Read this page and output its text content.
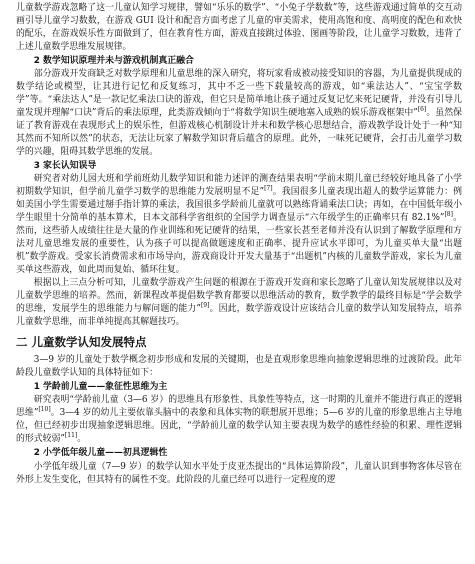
儿童数学游戏忽略了这一儿童认知学习规律，譬如“乐乐的数学”、“小兔子学数数”等，这些游戏通过简单的交互动画引导儿童学习数数，在游戏 GUI 设计和配音方面考虑了儿童的审美需求，使用高饱和度、高明度的配色和欢快的配乐，在游戏娱乐性方面做到了，但在教育性方面，游戏直接跳过体验、图画等阶段，让儿童学习数数，违背了上述儿童数学思维发展规律。

2 数学知识原理并未与游戏机制真正融合

部分游戏开发商缺乏对数学原理和儿童思维的深入研究，将玩家看成被动接受知识的容器，为儿童提供现成的数学结论或模型，让其进行记忆和反复练习，其中不乏一些下载量较高的游戏，如“乘法达人”、“宝宝学数学”等。“乘法达人”是一款记忆乘法口诀的游戏，但它只是简单地让孩子通过反复记忆来死记硬背，并没有引导儿童发现并理解“口诀”背后的乘法原理，此类游戏倾向于“将数学知识生硬地塞入成熟的娱乐游戏框架中”[6]。虽然保证了教育游戏在表现形式上的娱乐性，但游戏核心机制设计并未和数学核心思想结合，游戏教学设计处于一种“知其然而不知所以然”的状态，无法让玩家了解数学知识背后蕴含的原理。此外，一味死记硬背，会打击儿童学习数学的兴趣，阻碍其数学思维的发展。

3 家长认知误导

研究者对幼儿园大班和学前班幼儿数学知识和能力述评的测查结果表明“学前末期儿童已经较好地具备了小学初期数学知识，但学前儿童学习数学的思维能力发展明显不足”[7]。我国很多儿童表现出超人的数学运算能力：例如美国小学生需要通过掰手指计算的乘法，我国很多学龄前儿童就可以熟练背诵乘法口诀；再如，在中国低年级小学生眼里十分简单的基本算术，日本文部科学省组织的全国学力调查显示“六年级学生的正确率只有 82.1%”[8]。然而，这些骄人成绩往往是大量的作业训练和死记硬背的结果，一些家长甚至老师并没有认识到了解数学原理和方法对儿童思维发展的重要性，认为孩子可以提高做题速度和正确率、提升应试水平即可，为儿童买单大量“出题机”数学游戏。受家长消费需求和市场导向，游戏商设计开发大量基于“出题机”内核的儿童数学游戏，家长为儿童买单这些游戏，如此周而复始、循环往复。

根据以上三点分析可知，儿童数学游戏产生问题的根源在于游戏开发商和家长忽略了儿童认知发展规律以及对儿童数学思维的培养。然而，新课程改革提倡数学教育都要以思维活动的教育，数学教学的最终目标是“学会数学的思维，发展学生的思维能力与解问题的能力”[9]。因此，数学游戏设计应该结合儿童的数学认知发展特点，培养儿童数学思维，而非单纯提高其解题技巧。

二 儿童数学认知发展特点

3—9 岁的儿童处于数学概念初步形成和发展的关键期，也是直观形象思维向抽象逻辑思维的过渡阶段。此年龄段儿童数学认知的具体特征如下：

1 学龄前儿童——象征性思维为主

研究表明“学龄前儿童（3—6 岁）的思维具有形象性、具象性等特点，这一时期的儿童并不能进行真正的逻辑思维”[10]。3—4 岁的幼儿主要依靠头脑中的表象和具体实物的联想展开思维；5—6 岁的儿童的形象思维占主导地位，但已经初步出现抽象逻辑思维。因此，“学龄前儿童的数学认知主要表现为数学的感性经验的积累、理性逻辑的形式较弱”[11]。

2 小学低年级儿童——初具逻辑性

小学低年级儿童（7—9 岁）的数学认知水平处于皮亚杰提出的“具体运算阶段”，儿童认识到事物客体尽管在外形上发生变化，但其特有的属性不变。此阶段的儿童已经可以进行一定程度的逻
